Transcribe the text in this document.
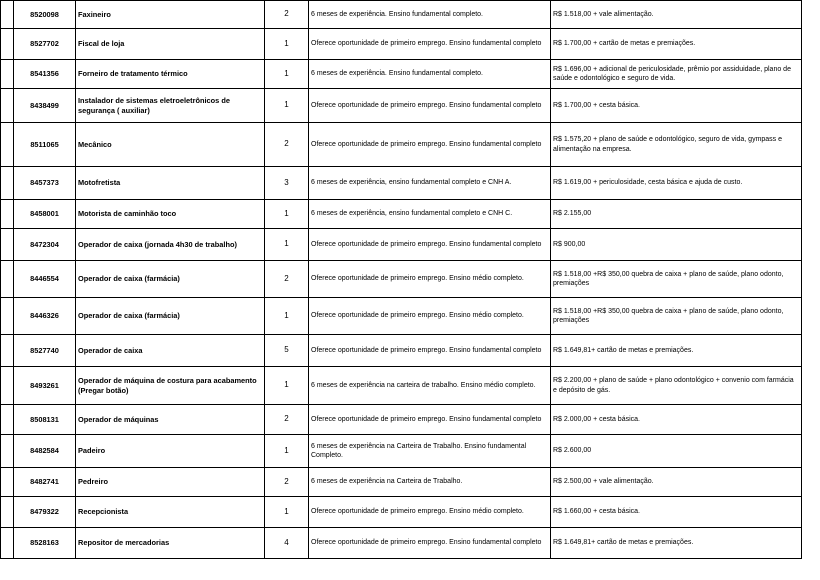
	8520098	Faxineiro	2	6 meses de experiência. Ensino fundamental completo.	R$ 1.518,00 + vale alimentação.
	8527702	Fiscal de loja	1	Oferece oportunidade de primeiro emprego. Ensino fundamental completo	R$ 1.700,00 + cartão de metas e premiações.
	8541356	Forneiro de tratamento térmico	1	6 meses de experiência. Ensino fundamental completo.	R$ 1.696,00 + adicional de periculosidade, prêmio por assiduidade, plano de saúde e odontológico e seguro de vida.
	8438499	Instalador de sistemas eletroeletrônicos de segurança ( auxiliar)	1	Oferece oportunidade de primeiro emprego. Ensino fundamental completo	R$ 1.700,00 + cesta básica.
	8511065	Mecânico	2	Oferece oportunidade de primeiro emprego. Ensino fundamental completo	R$ 1.575,20 + plano de saúde e odontológico, seguro de vida, gympass e alimentação na empresa.
	8457373	Motofretista	3	6 meses de experiência, ensino fundamental completo e CNH A.	R$ 1.619,00 + periculosidade, cesta básica e ajuda de custo.
	8458001	Motorista de caminhão toco	1	6 meses de experiência, ensino fundamental completo e CNH C.	R$ 2.155,00
	8472304	Operador de caixa (jornada 4h30 de trabalho)	1	Oferece oportunidade de primeiro emprego. Ensino fundamental completo	R$ 900,00
	8446554	Operador de caixa (farmácia)	2	Oferece oportunidade de primeiro emprego. Ensino médio completo.	R$ 1.518,00 +R$ 350,00 quebra de caixa + plano de saúde, plano odonto, premiações
	8446326	Operador de caixa (farmácia)	1	Oferece oportunidade de primeiro emprego. Ensino médio completo.	R$ 1.518,00 +R$ 350,00 quebra de caixa + plano de saúde, plano odonto, premiações
	8527740	Operador de caixa	5	Oferece oportunidade de primeiro emprego. Ensino fundamental completo	R$ 1.649,81+ cartão de metas e premiações.
	8493261	Operador de máquina de costura para acabamento (Pregar botão)	1	6 meses de experiência na carteira de trabalho. Ensino médio completo.	R$ 2.200,00 + plano de saúde + plano odontológico + convenio com farmácia e depósito de gás.
	8508131	Operador de máquinas	2	Oferece oportunidade de primeiro emprego. Ensino fundamental completo	R$ 2.000,00 + cesta básica.
	8482584	Padeiro	1	6 meses de experiência na Carteira de Trabalho. Ensino fundamental Completo.	R$ 2.600,00
	8482741	Pedreiro	2	6 meses de experiência na Carteira de Trabalho.	R$ 2.500,00 + vale alimentação.
	8479322	Recepcionista	1	Oferece oportunidade de primeiro emprego. Ensino médio completo.	R$ 1.660,00 + cesta básica.
	8528163	Repositor de mercadorias	4	Oferece oportunidade de primeiro emprego. Ensino fundamental completo	R$ 1.649,81+ cartão de metas e premiações.
